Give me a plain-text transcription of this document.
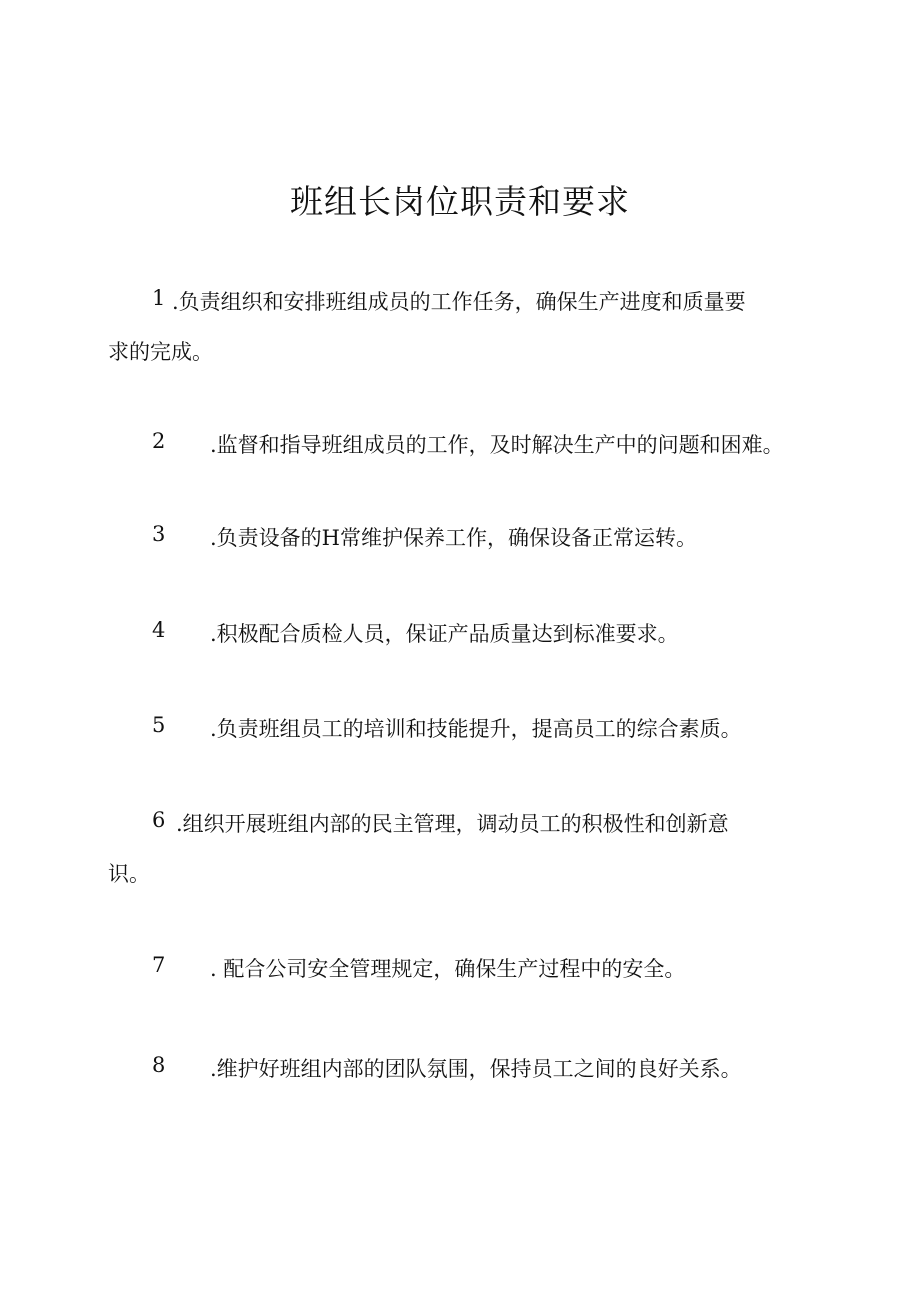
班组长岗位职责和要求
1 .负责组织和安排班组成员的工作任务，确保生产进度和质量要
求的完成。
2 .监督和指导班组成员的工作，及时解决生产中的问题和困难。
3 .负责设备的H常维护保养工作，确保设备正常运转。
4 .积极配合质检人员，保证产品质量达到标准要求。
5 .负责班组员工的培训和技能提升，提高员工的综合素质。
6 .组织开展班组内部的民主管理，调动员工的积极性和创新意
识。
7 . 配合公司安全管理规定，确保生产过程中的安全。
8 .维护好班组内部的团队氛围，保持员工之间的良好关系。
